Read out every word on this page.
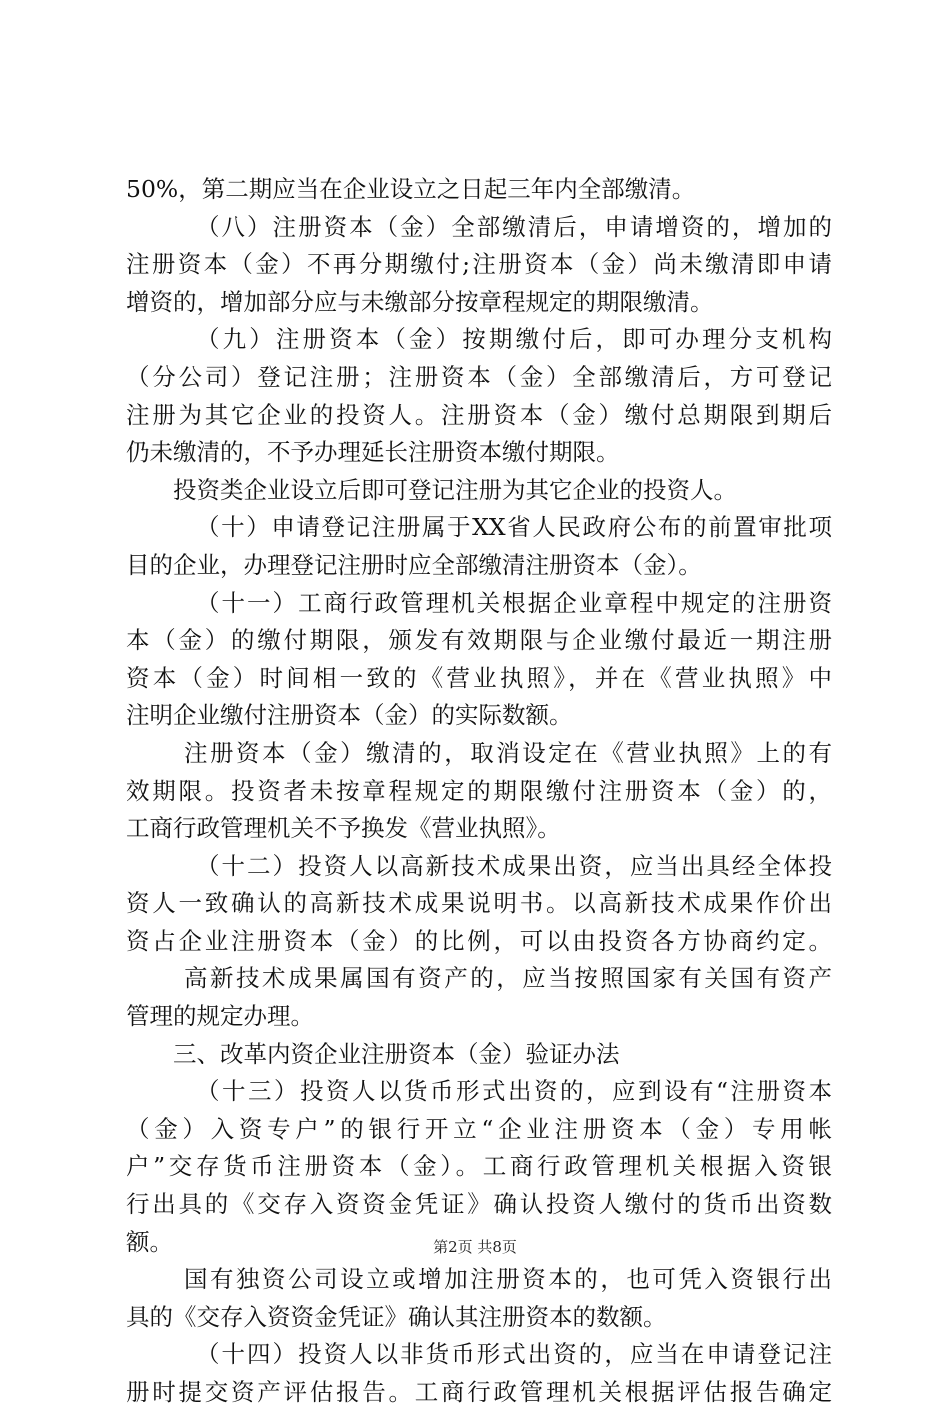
50%，第二期应当在企业设立之日起三年内全部缴清。
（八）注册资本（金）全部缴清后，申请增资的，增加的
注册资本（金）不再分期缴付;注册资本（金）尚未缴清即申请
增资的，增加部分应与未缴部分按章程规定的期限缴清。
（九）注册资本（金）按期缴付后，即可办理分支机构
（分公司）登记注册；注册资本（金）全部缴清后，方可登记
注册为其它企业的投资人。注册资本（金）缴付总期限到期后
仍未缴清的，不予办理延长注册资本缴付期限。
投资类企业设立后即可登记注册为其它企业的投资人。
（十）申请登记注册属于XX省人民政府公布的前置审批项
目的企业，办理登记注册时应全部缴清注册资本（金）。
（十一）工商行政管理机关根据企业章程中规定的注册资
本（金）的缴付期限，颁发有效期限与企业缴付最近一期注册
资本（金）时间相一致的《营业执照》，并在《营业执照》中
注明企业缴付注册资本（金）的实际数额。
注册资本（金）缴清的，取消设定在《营业执照》上的有
效期限。投资者未按章程规定的期限缴付注册资本（金）的，
工商行政管理机关不予换发《营业执照》。
（十二）投资人以高新技术成果出资，应当出具经全体投
资人一致确认的高新技术成果说明书。以高新技术成果作价出
资占企业注册资本（金）的比例，可以由投资各方协商约定。
高新技术成果属国有资产的，应当按照国家有关国有资产
管理的规定办理。
三、改革内资企业注册资本（金）验证办法
（十三）投资人以货币形式出资的，应到设有“注册资本
（金）入资专户”的银行开立“企业注册资本（金）专用帐
户”交存货币注册资本（金）。工商行政管理机关根据入资银
行出具的《交存入资资金凭证》确认投资人缴付的货币出资数
额。
国有独资公司设立或增加注册资本的，也可凭入资银行出
具的《交存入资资金凭证》确认其注册资本的数额。
（十四）投资人以非货币形式出资的，应当在申请登记注
册时提交资产评估报告。工商行政管理机关根据评估报告确定
第2页 共8页
